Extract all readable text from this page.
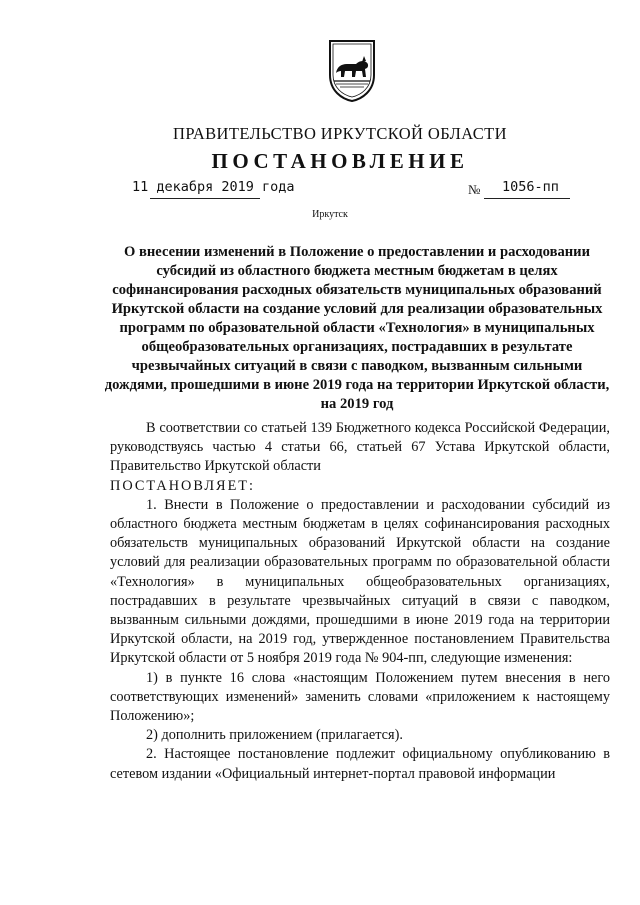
ПРАВИТЕЛЬСТВО ИРКУТСКОЙ ОБЛАСТИ
ПОСТАНОВЛЕНИЕ
11 декабря 2019 года	№ 1056-пп
Иркутск
О внесении изменений в Положение о предоставлении и расходовании субсидий из областного бюджета местным бюджетам в целях софинансирования расходных обязательств муниципальных образований Иркутской области на создание условий для реализации образовательных программ по образовательной области «Технология» в муниципальных общеобразовательных организациях, пострадавших в результате чрезвычайных ситуаций в связи с паводком, вызванным сильными дождями, прошедшими в июне 2019 года на территории Иркутской области, на 2019 год

В соответствии со статьей 139 Бюджетного кодекса Российской Федерации, руководствуясь частью 4 статьи 66, статьей 67 Устава Иркутской области, Правительство Иркутской области

ПОСТАНОВЛЯЕТ:

1. Внести в Положение о предоставлении и расходовании субсидий из областного бюджета местным бюджетам в целях софинансирования расходных обязательств муниципальных образований Иркутской области на создание условий для реализации образовательных программ по образовательной области «Технология» в муниципальных общеобразовательных организациях, пострадавших в результате чрезвычайных ситуаций в связи с паводком, вызванным сильными дождями, прошедшими в июне 2019 года на территории Иркутской области, на 2019 год, утвержденное постановлением Правительства Иркутской области от 5 ноября 2019 года № 904-пп, следующие изменения:

1) в пункте 16 слова «настоящим Положением путем внесения в него соответствующих изменений» заменить словами «приложением к настоящему Положению»;

2) дополнить приложением (прилагается).

2. Настоящее постановление подлежит официальному опубликованию в сетевом издании «Официальный интернет-портал правовой информации
